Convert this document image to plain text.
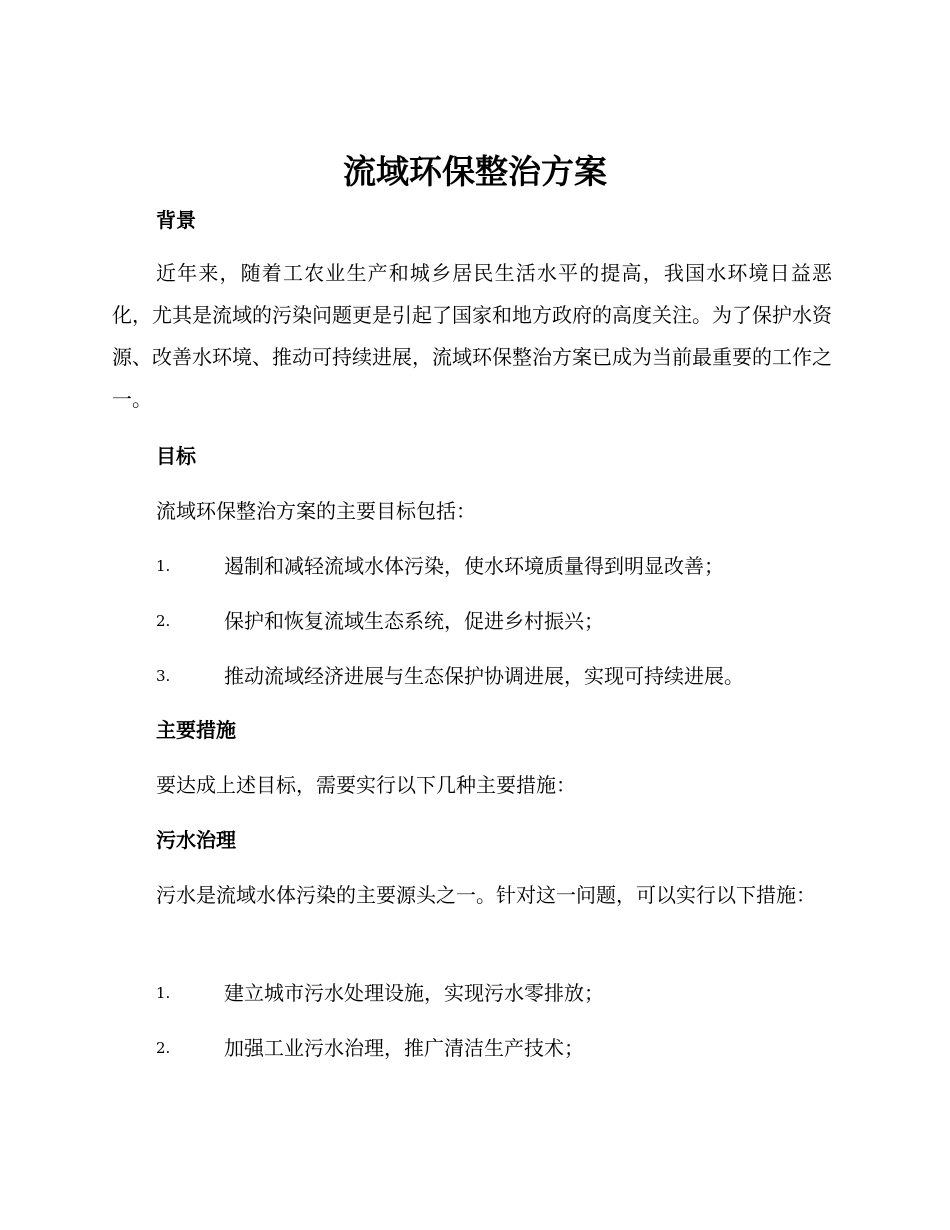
流域环保整治方案
背景

近年来，随着工农业生产和城乡居民生活水平的提高，我国水环境日益恶化，尤其是流域的污染问题更是引起了国家和地方政府的高度关注。为了保护水资源、改善水环境、推动可持续进展，流域环保整治方案已成为当前最重要的工作之一。

目标

流域环保整治方案的主要目标包括：

1.	遏制和减轻流域水体污染，使水环境质量得到明显改善；
2.	保护和恢复流域生态系统，促进乡村振兴；
3.	推动流域经济进展与生态保护协调进展，实现可持续进展。
主要措施

要达成上述目标，需要实行以下几种主要措施：

污水治理

污水是流域水体污染的主要源头之一。针对这一问题，可以实行以下措施：

1.	建立城市污水处理设施，实现污水零排放；
2.	加强工业污水治理，推广清洁生产技术；
